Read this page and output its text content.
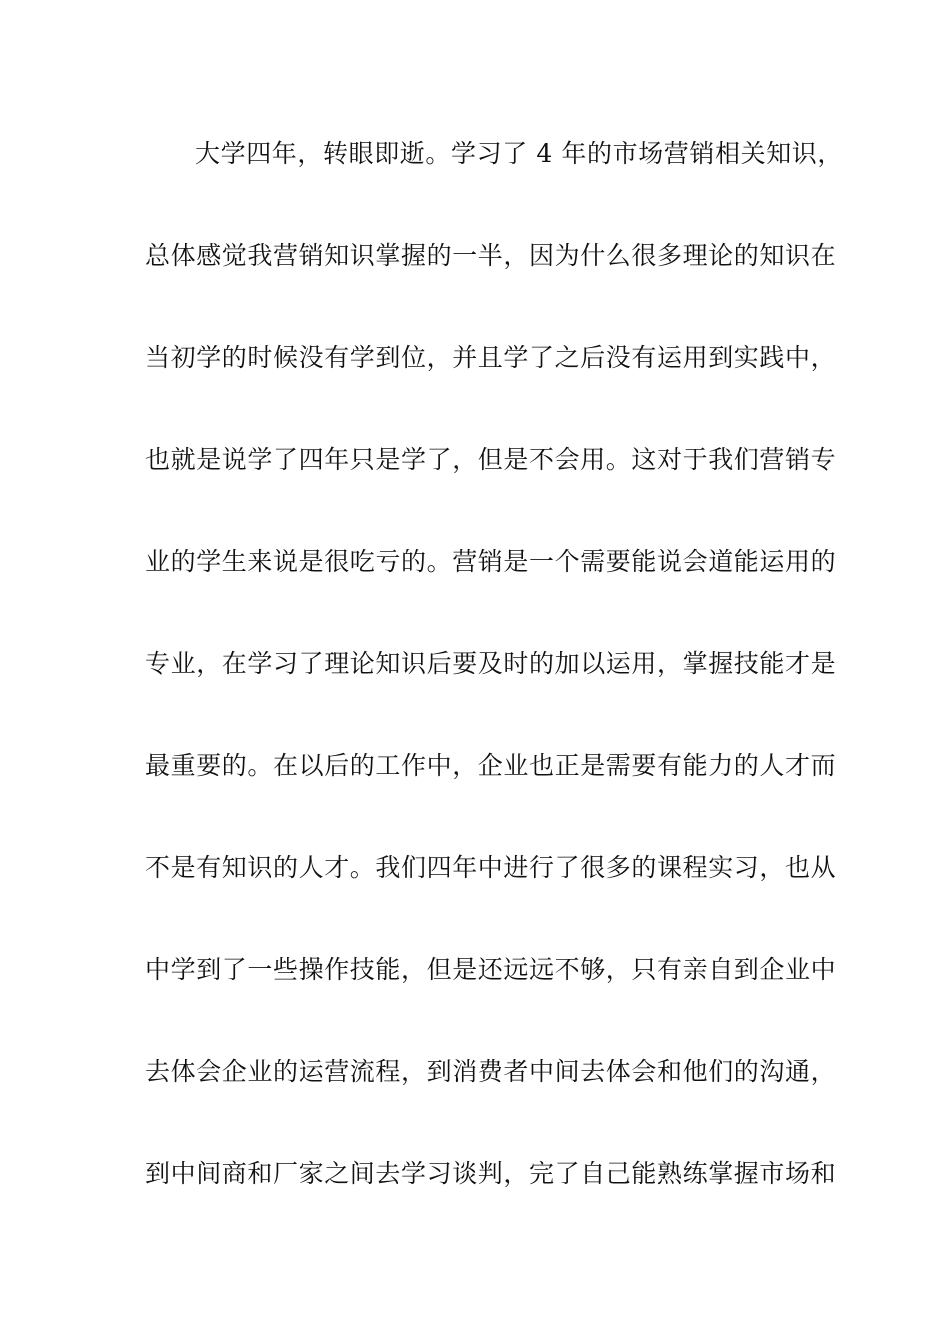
大学四年，转眼即逝。学习了 4 年的市场营销相关知识，
总体感觉我营销知识掌握的一半，因为什么很多理论的知识在
当初学的时候没有学到位，并且学了之后没有运用到实践中，
也就是说学了四年只是学了，但是不会用。这对于我们营销专
业的学生来说是很吃亏的。营销是一个需要能说会道能运用的
专业，在学习了理论知识后要及时的加以运用，掌握技能才是
最重要的。在以后的工作中，企业也正是需要有能力的人才而
不是有知识的人才。我们四年中进行了很多的课程实习，也从
中学到了一些操作技能，但是还远远不够，只有亲自到企业中
去体会企业的运营流程，到消费者中间去体会和他们的沟通，
到中间商和厂家之间去学习谈判，完了自己能熟练掌握市场和
